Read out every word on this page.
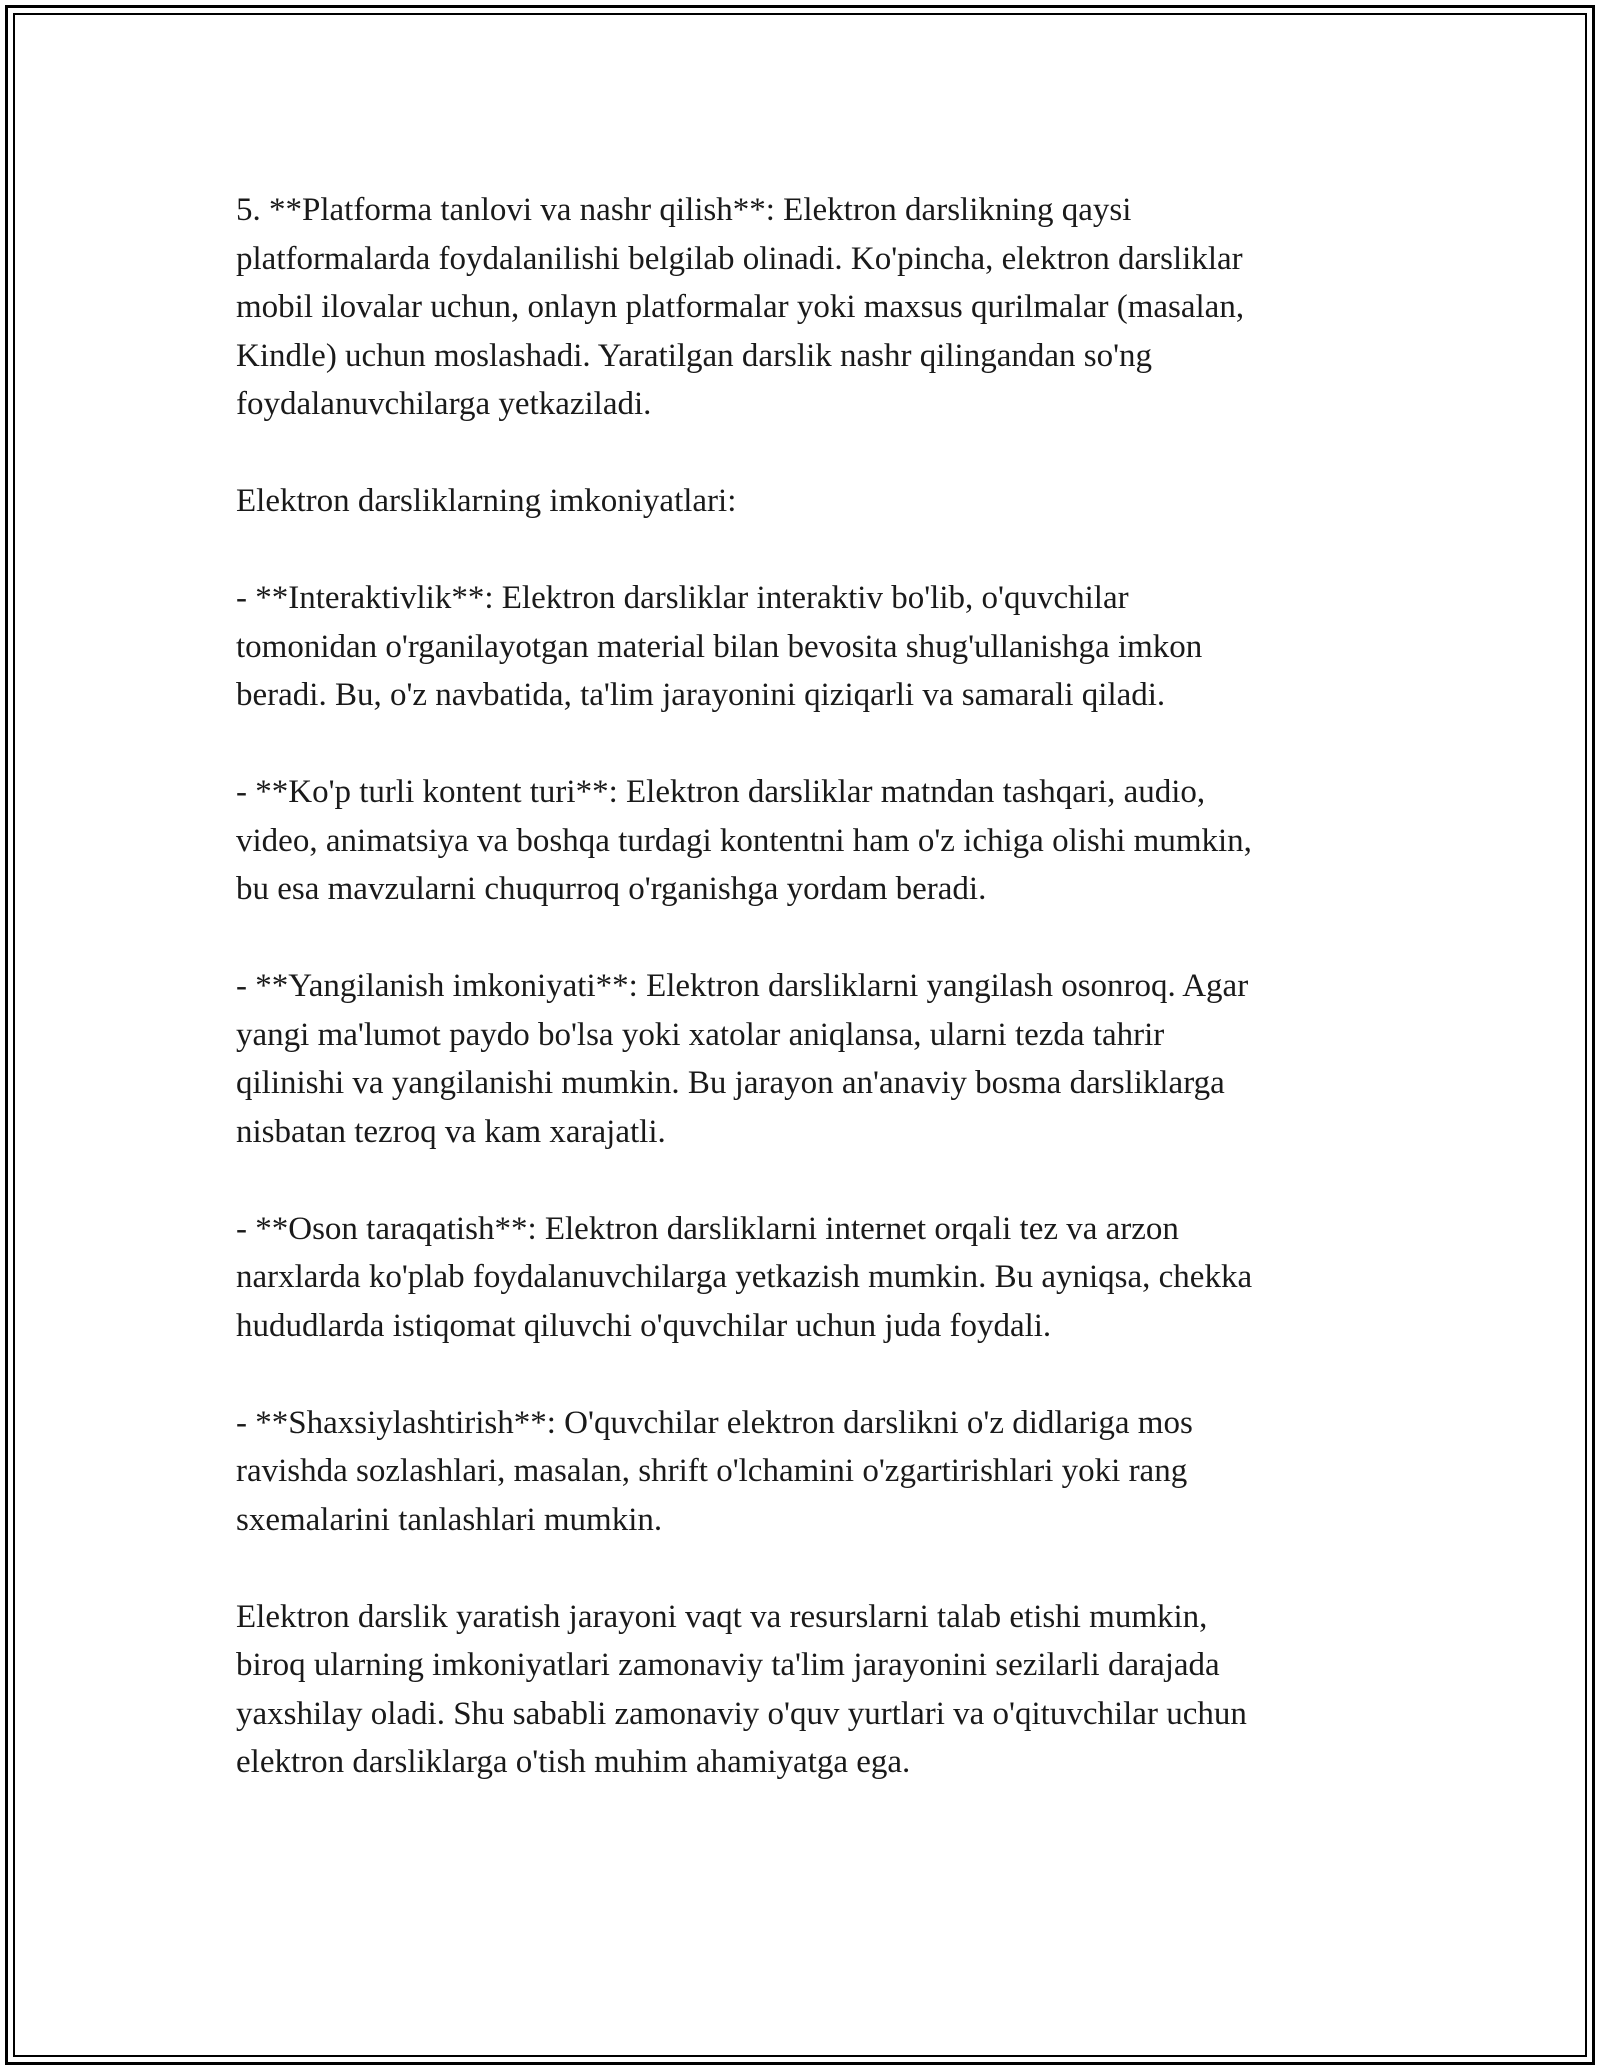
5. **Platforma tanlovi va nashr qilish**: Elektron darslikning qaysi
platformalarda foydalanilishi belgilab olinadi. Ko'pincha, elektron darsliklar
mobil ilovalar uchun, onlayn platformalar yoki maxsus qurilmalar (masalan,
Kindle) uchun moslashadi. Yaratilgan darslik nashr qilingandan so'ng
foydalanuvchilarga yetkaziladi.

Elektron darsliklarning imkoniyatlari:

- **Interaktivlik**: Elektron darsliklar interaktiv bo'lib, o'quvchilar
tomonidan o'rganilayotgan material bilan bevosita shug'ullanishga imkon
beradi. Bu, o'z navbatida, ta'lim jarayonini qiziqarli va samarali qiladi.

- **Ko'p turli kontent turi**: Elektron darsliklar matndan tashqari, audio,
video, animatsiya va boshqa turdagi kontentni ham o'z ichiga olishi mumkin,
bu esa mavzularni chuqurroq o'rganishga yordam beradi.

- **Yangilanish imkoniyati**: Elektron darsliklarni yangilash osonroq. Agar
yangi ma'lumot paydo bo'lsa yoki xatolar aniqlansa, ularni tezda tahrir
qilinishi va yangilanishi mumkin. Bu jarayon an'anaviy bosma darsliklarga
nisbatan tezroq va kam xarajatli.

- **Oson taraqatish**: Elektron darsliklarni internet orqali tez va arzon
narxlarda ko'plab foydalanuvchilarga yetkazish mumkin. Bu ayniqsa, chekka
hududlarda istiqomat qiluvchi o'quvchilar uchun juda foydali.

- **Shaxsiylashtirish**: O'quvchilar elektron darslikni o'z didlariga mos
ravishda sozlashlari, masalan, shrift o'lchamini o'zgartirishlari yoki rang
sxemalarini tanlashlari mumkin.

Elektron darslik yaratish jarayoni vaqt va resurslarni talab etishi mumkin,
biroq ularning imkoniyatlari zamonaviy ta'lim jarayonini sezilarli darajada
yaxshilay oladi. Shu sababli zamonaviy o'quv yurtlari va o'qituvchilar uchun
elektron darsliklarga o'tish muhim ahamiyatga ega.
